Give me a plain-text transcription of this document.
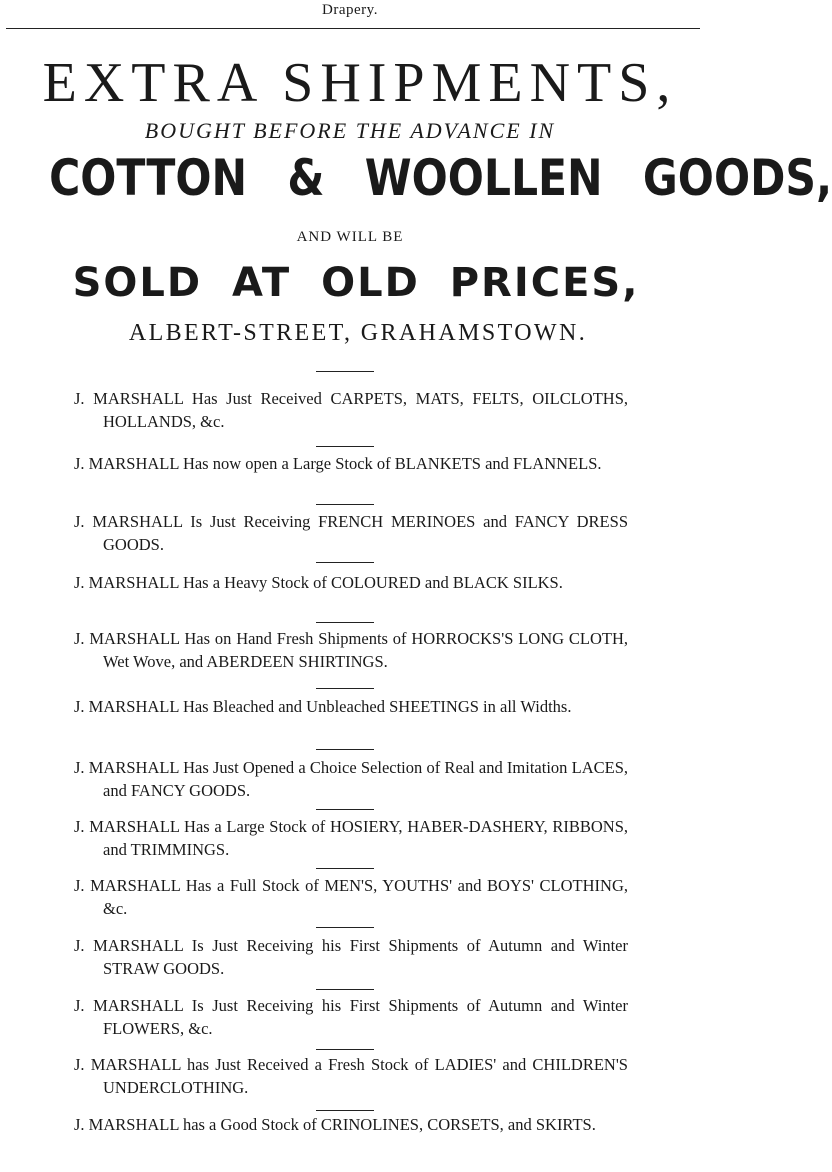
Drapery.
EXTRA SHIPMENTS,
BOUGHT BEFORE THE ADVANCE IN
COTTON & WOOLLEN GOODS,
AND WILL BE
SOLD AT OLD PRICES,
ALBERT-STREET, GRAHAMSTOWN.
J. MARSHALL Has Just Received CARPETS, MATS, FELTS, OILCLOTHS, HOLLANDS, &c.
J. MARSHALL Has now open a Large Stock of BLANKETS and FLANNELS.
J. MARSHALL Is Just Receiving FRENCH MERINOES and FANCY DRESS GOODS.
J. MARSHALL Has a Heavy Stock of COLOURED and BLACK SILKS.
J. MARSHALL Has on Hand Fresh Shipments of HORROCKS'S LONG CLOTH, Wet Wove, and ABERDEEN SHIRTINGS.
J. MARSHALL Has Bleached and Unbleached SHEETINGS in all Widths.
J. MARSHALL Has Just Opened a Choice Selection of Real and Imitation LACES, and FANCY GOODS.
J. MARSHALL Has a Large Stock of HOSIERY, HABER-DASHERY, RIBBONS, and TRIMMINGS.
J. MARSHALL Has a Full Stock of MEN'S, YOUTHS' and BOYS' CLOTHING, &c.
J. MARSHALL Is Just Receiving his First Shipments of Autumn and Winter STRAW GOODS.
J. MARSHALL Is Just Receiving his First Shipments of Autumn and Winter FLOWERS, &c.
J. MARSHALL has Just Received a Fresh Stock of LADIES' and CHILDREN'S UNDERCLOTHING.
J. MARSHALL has a Good Stock of CRINOLINES, CORSETS, and SKIRTS.
